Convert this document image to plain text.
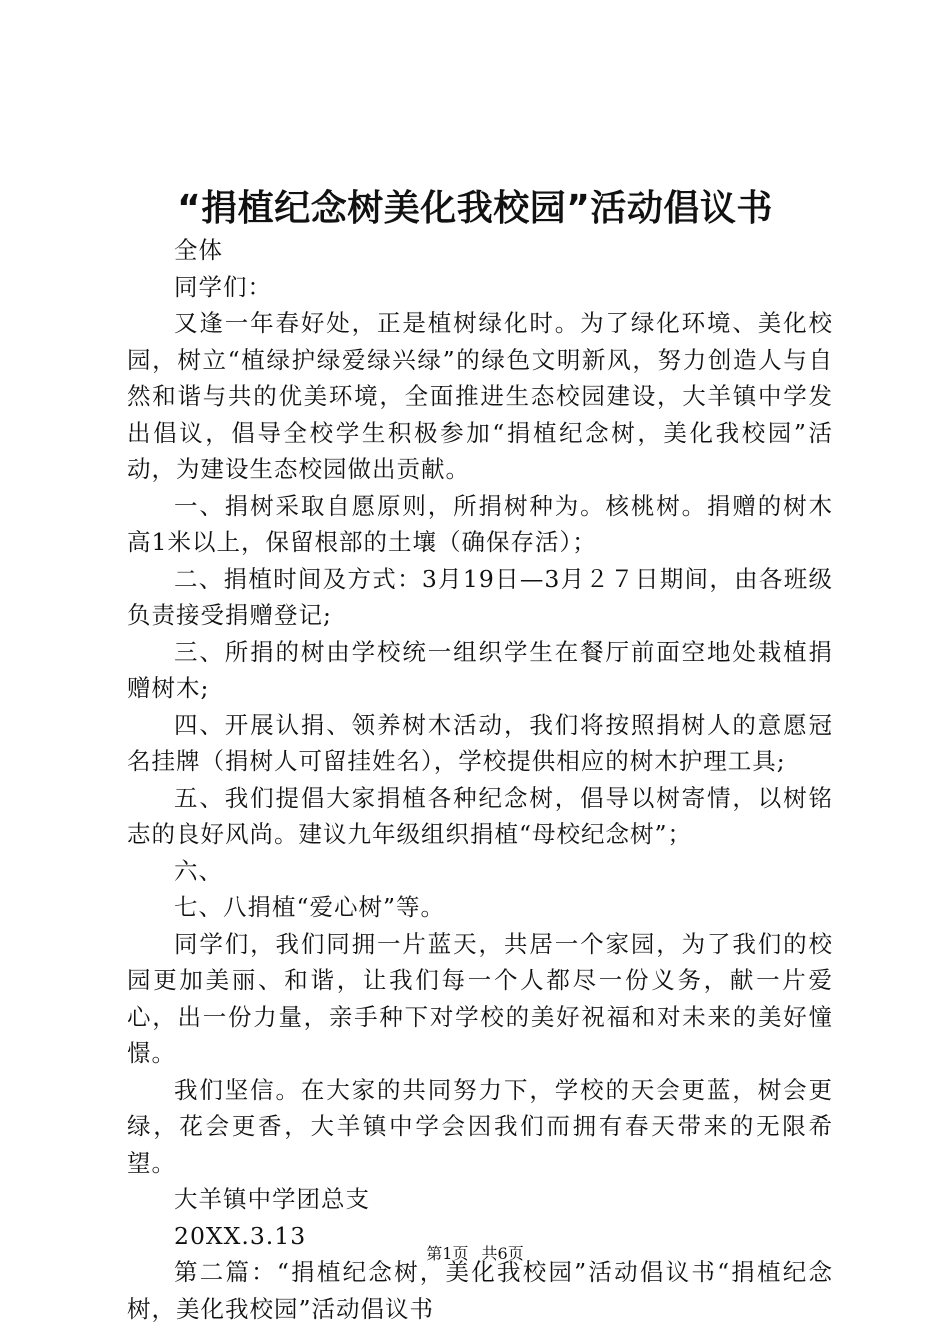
“捐植纪念树美化我校园”活动倡议书

全体

同学们：

又逢一年春好处，正是植树绿化时。为了绿化环境、美化校园，树立“植绿护绿爱绿兴绿”的绿色文明新风，努力创造人与自然和谐与共的优美环境，全面推进生态校园建设，大羊镇中学发出倡议，倡导全校学生积极参加“捐植纪念树，美化我校园”活动，为建设生态校园做出贡献。

一、捐树采取自愿原则，所捐树种为。核桃树。捐赠的树木高1米以上，保留根部的土壤（确保存活）；

二、捐植时间及方式：3月19日—3月２７日期间，由各班级负责接受捐赠登记;

三、所捐的树由学校统一组织学生在餐厅前面空地处栽植捐赠树木;

四、开展认捐、领养树木活动，我们将按照捐树人的意愿冠名挂牌（捐树人可留挂姓名），学校提供相应的树木护理工具;

五、我们提倡大家捐植各种纪念树，倡导以树寄情，以树铭志的良好风尚。建议九年级组织捐植“母校纪念树”；

六、

七、八捐植“爱心树”等。

同学们，我们同拥一片蓝天，共居一个家园，为了我们的校园更加美丽、和谐，让我们每一个人都尽一份义务，献一片爱心，出一份力量，亲手种下对学校的美好祝福和对未来的美好憧憬。

我们坚信。在大家的共同努力下，学校的天会更蓝，树会更绿，花会更香，大羊镇中学会因我们而拥有春天带来的无限希望。

大羊镇中学团总支

20XX.3.13

第二篇：“捐植纪念树，美化我校园”活动倡议书“捐植纪念树，美化我校园”活动倡议书

第1页 共6页
